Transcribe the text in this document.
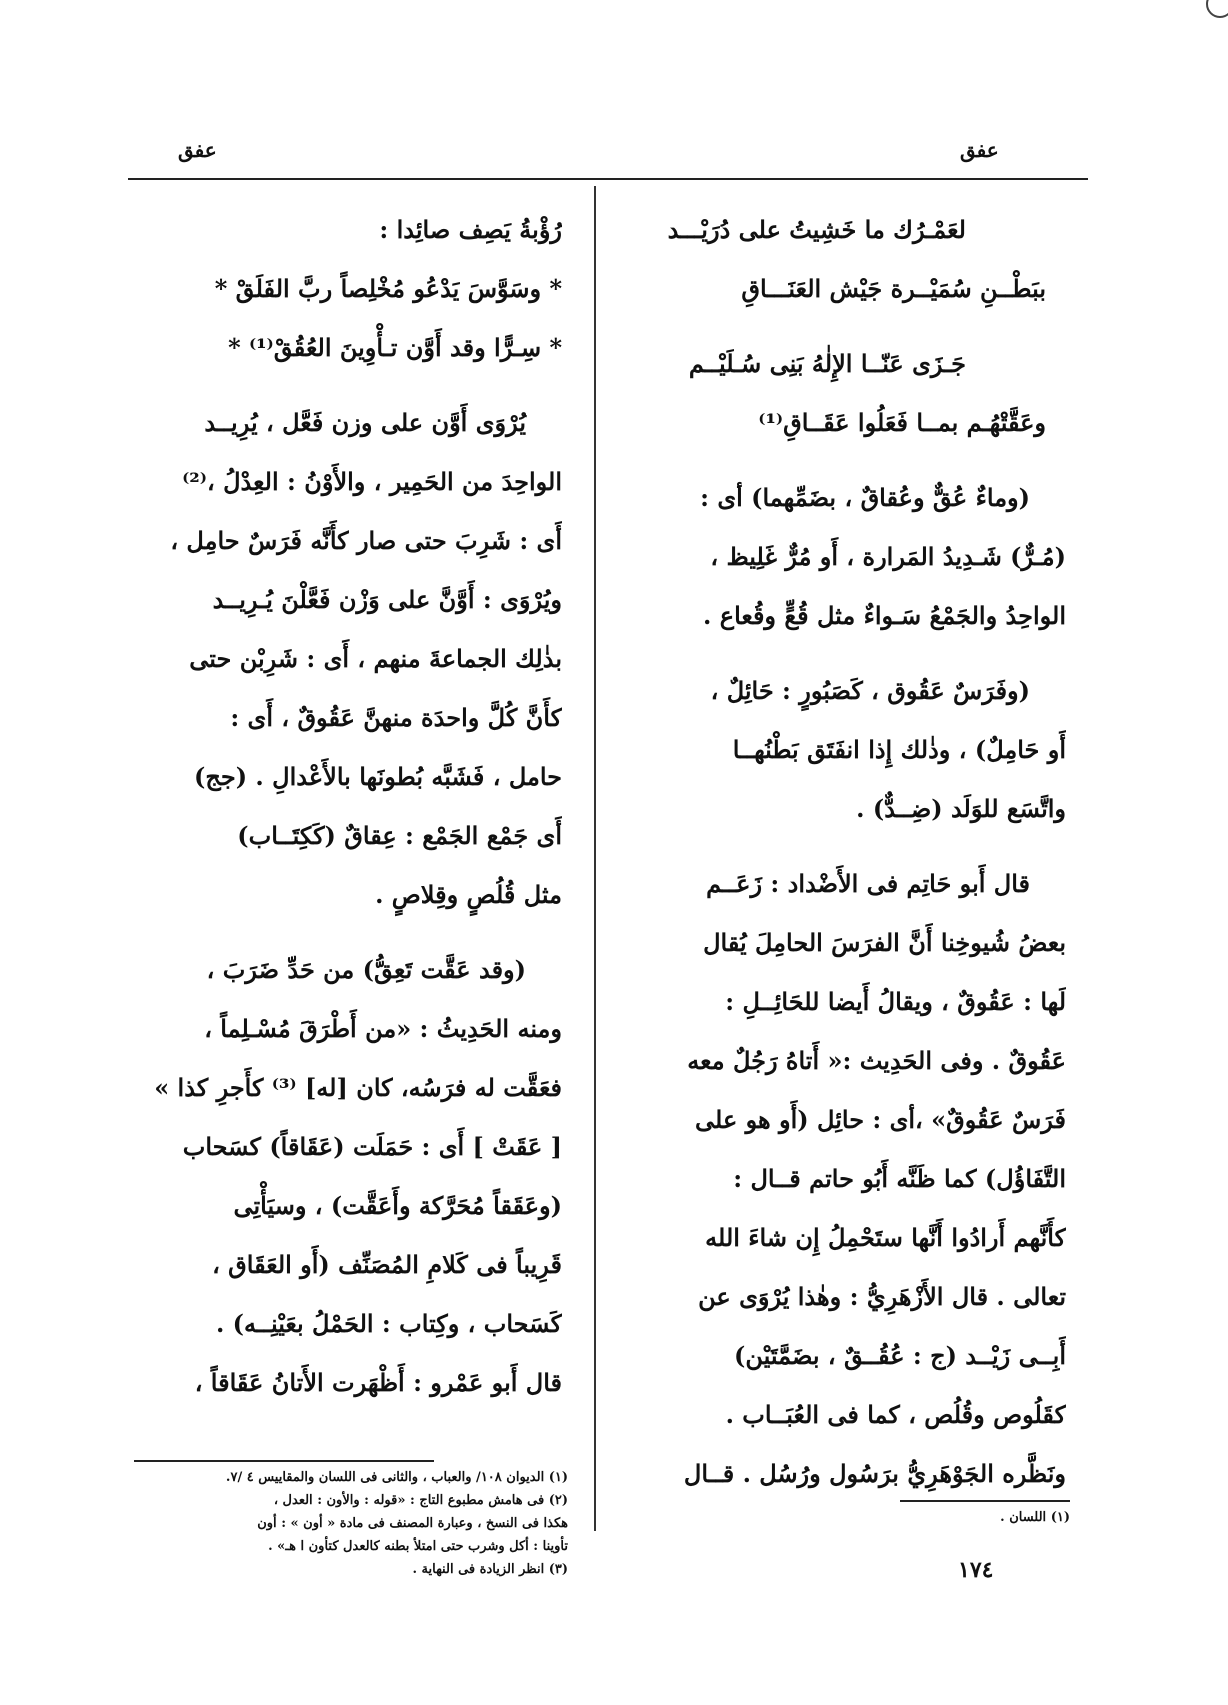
عفق
عفق
لعَمْـرُك ما خَشِيتُ على دُرَيْـــد
ببَطْــنِ سُمَيْــرة جَيْش العَنَـــاقِ
جَـزَى عَنّــا الإِلٰهُ بَنِى سُـلَيْــم
وعَقَّتْهُـم بمــا فَعَلُوا عَقَــاقِ⁽¹⁾
(وماءٌ عُقٌّ وعُقاقٌ ، بضَمِّهما) أى :
(مُـرٌّ) شَـدِيدُ المَرارة ، أَو مُرٌّ غَلِيظ ،
الواحِدُ والجَمْعُ سَـواءٌ مثل قُعٍّ وقُعاع .
(وفَرَسٌ عَقُوق ، كَصَبُورٍ : حَائِلٌ ،
أَو حَامِلٌ) ، وذٰلك إِذا انفَتَق بَطْنُهــا
واتَّسَع للوَلَد (ضِــدٌّ) .
قال أَبو حَاتِم فى الأَضْداد : زَعَــم
بعضُ شُيوخِنا أَنَّ الفرَسَ الحامِلَ يُقال
لَها : عَقُوقٌ ، ويقالُ أَيضا للحَائِــلِ :
عَقُوقٌ . وفى الحَدِيث :« أَتاهُ رَجُلٌ معه
فَرَسٌ عَقُوقٌ» ،أى : حائِل (أَو هو على
التَّفَاؤُل) كما ظَنَّه أَبُو حاتم قــال :
كأَنَّهم أَرادُوا أَنَّها ستَحْمِلُ إِن شاءَ الله
تعالى . قال الأَزْهَرِيُّ : وهٰذا يُرْوَى عن
أَبِــى زَيْــد (ج : عُقُــقٌ ، بضَمَّتَيْن)
كقَلُوص وقُلُص ، كما فى العُبَــاب .
ونَظَّره الجَوْهَرِيُّ برَسُول ورُسُل . قــال
رُؤْبةُ يَصِف صائِدا :
* وسَوَّسَ يَدْعُو مُخْلِصاً ربَّ الفَلَقْ *
* سِـرًّا وقد أَوَّن تـأْوِينَ العُقُقْ⁽¹⁾ *
يُرْوَى أَوَّن على وزن فَعَّل ، يُرِيــد
الواحِدَ من الحَمِير ، والأَوْنُ : العِدْلُ ،⁽²⁾
أَى : شَرِبَ حتى صار كأَنَّه فَرَسٌ حامِل ،
ويُرْوَى : أَوَّنَّ على وَزْن فَعَّلْنَ يُـرِيــد
بذٰلِك الجماعةَ منهم ، أَى : شَرِبْن حتى
كأَنَّ كُلَّ واحدَة منهنَّ عَقُوقٌ ، أَى :
حامل ، فَشَبَّه بُطونَها بالأَعْدالِ . (جج)
أَى جَمْع الجَمْع : عِقاقٌ (كَكِتَــاب)
مثل قُلُصٍ وقِلاصٍ .
(وقد عَقَّت تَعِقُّ) من حَدِّ ضَرَبَ ،
ومنه الحَدِيثُ : «من أَطْرَقَ مُسْـلِماً ،
فعَقَّت له فرَسُه، كان [له] ⁽³⁾ كأَجرِ كذا »
[ عَقَتْ ] أَى : حَمَلَت (عَقَاقاً) كسَحاب
(وعَقَقاً مُحَرَّكة وأَعَقَّت) ، وسيَأْتِى
قَرِيباً فى كَلامِ المُصَنِّف (أَو العَقَاق ،
كَسَحاب ، وكِتاب : الحَمْلُ بعَيْنِــه) .
قال أَبو عَمْرو : أَظْهَرت الأَتانُ عَقَاقاً ،
(١) الديوان ١٠٨/ والعباب ، والثانى فى اللسان والمقاييس ٤ /٧.
(٢) فى هامش مطبوع التاج : «قوله : والأون : العدل ،
هكذا فى النسخ ، وعبارة المصنف فى مادة « أون » : أون
تأوينا : أكل وشرب حتى امتلأ بطنه كالعدل كتأون ا هـ» .
(٣) انظر الزيادة فى النهاية .
(١) اللسان .
١٧٤
